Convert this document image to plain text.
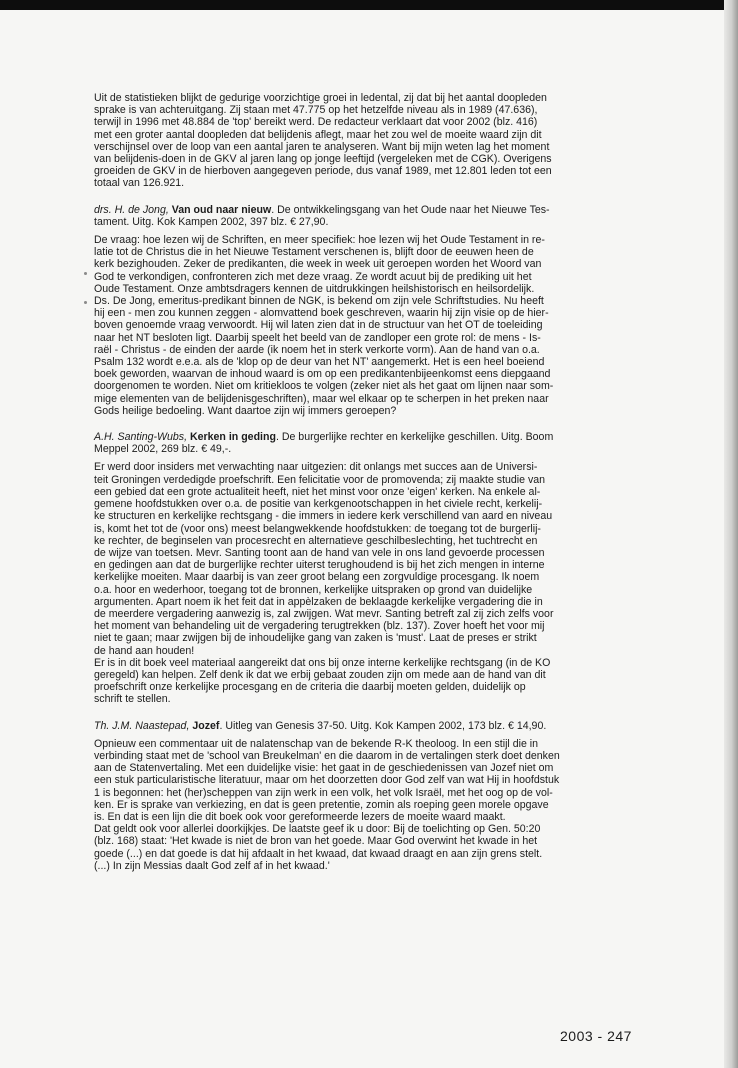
Uit de statistieken blijkt de gedurige voorzichtige groei in ledental, zij dat bij het aantal doopleden
sprake is van achteruitgang. Zij staan met 47.775 op het hetzelfde niveau als in 1989 (47.636),
terwijl in 1996 met 48.884 de 'top' bereikt werd. De redacteur verklaart dat voor 2002 (blz. 416)
met een groter aantal doopleden dat belijdenis aflegt, maar het zou wel de moeite waard zijn dit
verschijnsel over de loop van een aantal jaren te analyseren. Want bij mijn weten lag het moment
van belijdenis-doen in de GKV al jaren lang op jonge leeftijd (vergeleken met de CGK). Overigens
groeiden de GKV in de hierboven aangegeven periode, dus vanaf 1989, met 12.801 leden tot een
totaal van 126.921.

drs. H. de Jong, Van oud naar nieuw. De ontwikkelingsgang van het Oude naar het Nieuwe Tes-
tament. Uitg. Kok Kampen 2002, 397 blz. € 27,90.

De vraag: hoe lezen wij de Schriften, en meer specifiek: hoe lezen wij het Oude Testament in re-
latie tot de Christus die in het Nieuwe Testament verschenen is, blijft door de eeuwen heen de
kerk bezighouden. Zeker de predikanten, die week in week uit geroepen worden het Woord van
God te verkondigen, confronteren zich met deze vraag. Ze wordt acuut bij de prediking uit het
Oude Testament. Onze ambtsdragers kennen de uitdrukkingen heilshistorisch en heilsordelijk.
Ds. De Jong, emeritus-predikant binnen de NGK, is bekend om zijn vele Schriftstudies. Nu heeft
hij een - men zou kunnen zeggen - alomvattend boek geschreven, waarin hij zijn visie op de hier-
boven genoemde vraag verwoordt. Hij wil laten zien dat in de structuur van het OT de toeleiding
naar het NT besloten ligt. Daarbij speelt het beeld van de zandloper een grote rol: de mens - Is-
raël - Christus - de einden der aarde (ik noem het in sterk verkorte vorm). Aan de hand van o.a.
Psalm 132 wordt e.e.a. als de 'klop op de deur van het NT' aangemerkt. Het is een heel boeiend
boek geworden, waarvan de inhoud waard is om op een predikantenbijeenkomst eens diepgaand
doorgenomen te worden. Niet om kritiekloos te volgen (zeker niet als het gaat om lijnen naar som-
mige elementen van de belijdenisgeschriften), maar wel elkaar op te scherpen in het preken naar
Gods heilige bedoeling. Want daartoe zijn wij immers geroepen?

A.H. Santing-Wubs, Kerken in geding. De burgerlijke rechter en kerkelijke geschillen. Uitg. Boom
Meppel 2002, 269 blz. € 49,-.

Er werd door insiders met verwachting naar uitgezien: dit onlangs met succes aan de Universi-
teit Groningen verdedigde proefschrift. Een felicitatie voor de promovenda; zij maakte studie van
een gebied dat een grote actualiteit heeft, niet het minst voor onze 'eigen' kerken. Na enkele al-
gemene hoofdstukken over o.a. de positie van kerkgenootschappen in het civiele recht, kerkelij-
ke structuren en kerkelijke rechtsgang - die immers in iedere kerk verschillend van aard en niveau
is, komt het tot de (voor ons) meest belangwekkende hoofdstukken: de toegang tot de burgerlij-
ke rechter, de beginselen van procesrecht en alternatieve geschilbeslechting, het tuchtrecht en
de wijze van toetsen. Mevr. Santing toont aan de hand van vele in ons land gevoerde processen
en gedingen aan dat de burgerlijke rechter uiterst terughoudend is bij het zich mengen in interne
kerkelijke moeiten. Maar daarbij is van zeer groot belang een zorgvuldige procesgang. Ik noem
o.a. hoor en wederhoor, toegang tot de bronnen, kerkelijke uitspraken op grond van duidelijke
argumenten. Apart noem ik het feit dat in appèlzaken de beklaagde kerkelijke vergadering die in
de meerdere vergadering aanwezig is, zal zwijgen. Wat mevr. Santing betreft zal zij zich zelfs voor
het moment van behandeling uit de vergadering terugtrekken (blz. 137). Zover hoeft het voor mij
niet te gaan; maar zwijgen bij de inhoudelijke gang van zaken is 'must'. Laat de preses er strikt
de hand aan houden!

Er is in dit boek veel materiaal aangereikt dat ons bij onze interne kerkelijke rechtsgang (in de KO
geregeld) kan helpen. Zelf denk ik dat we erbij gebaat zouden zijn om mede aan de hand van dit
proefschrift onze kerkelijke procesgang en de criteria die daarbij moeten gelden, duidelijk op
schrift te stellen.

Th. J.M. Naastepad, Jozef. Uitleg van Genesis 37-50. Uitg. Kok Kampen 2002, 173 blz. € 14,90.

Opnieuw een commentaar uit de nalatenschap van de bekende R-K theoloog. In een stijl die in
verbinding staat met de 'school van Breukelman' en die daarom in de vertalingen sterk doet denken
aan de Statenvertaling. Met een duidelijke visie: het gaat in de geschiedenissen van Jozef niet om
een stuk particularistische literatuur, maar om het doorzetten door God zelf van wat Hij in hoofdstuk
1 is begonnen: het (her)scheppen van zijn werk in een volk, het volk Israël, met het oog op de vol-
ken. Er is sprake van verkiezing, en dat is geen pretentie, zomin als roeping geen morele opgave
is. En dat is een lijn die dit boek ook voor gereformeerde lezers de moeite waard maakt.

Dat geldt ook voor allerlei doorkijkjes. De laatste geef ik u door: Bij de toelichting op Gen. 50:20
(blz. 168) staat: 'Het kwade is niet de bron van het goede. Maar God overwint het kwade in het
goede (...) en dat goede is dat hij afdaalt in het kwaad, dat kwaad draagt en aan zijn grens stelt.
(...) In zijn Messias daalt God zelf af in het kwaad.'

2003 - 247
